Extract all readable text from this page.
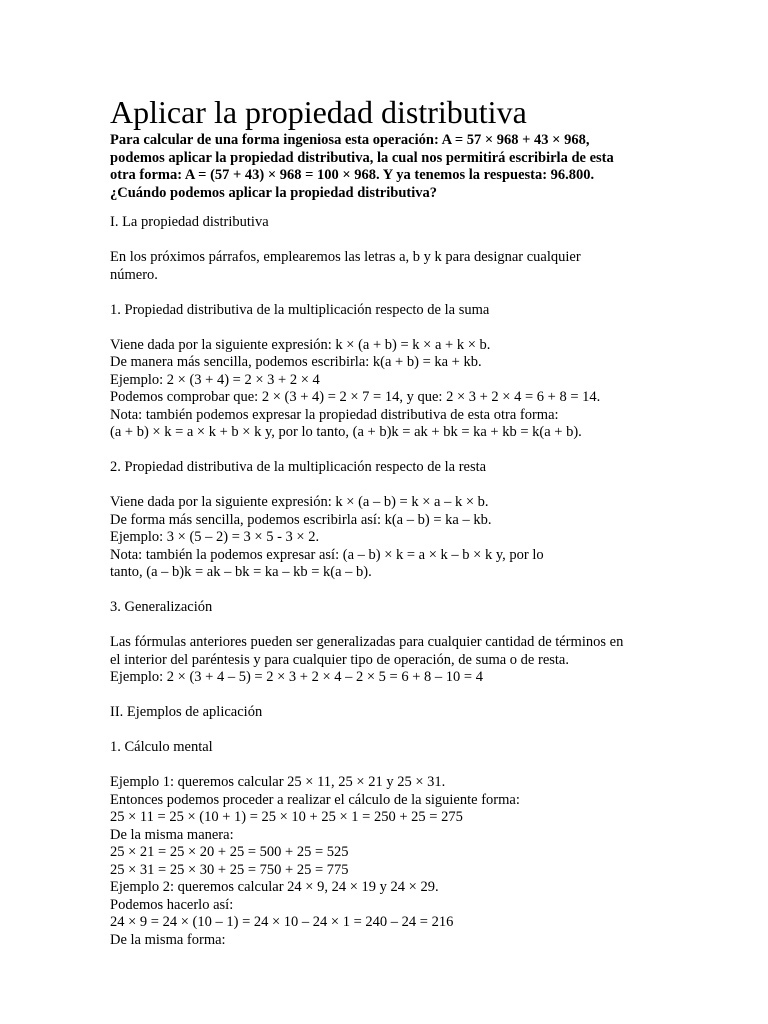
Aplicar la propiedad distributiva
Para calcular de una forma ingeniosa esta operación: A = 57 × 968 + 43 × 968,
podemos aplicar la propiedad distributiva, la cual nos permitirá escribirla de esta
otra forma: A = (57 + 43) × 968 = 100 × 968. Y ya tenemos la respuesta: 96.800.
¿Cuándo podemos aplicar la propiedad distributiva?
I. La propiedad distributiva
En los próximos párrafos, emplearemos las letras a, b y k para designar cualquier
número.
1. Propiedad distributiva de la multiplicación respecto de la suma
Viene dada por la siguiente expresión: k × (a + b) = k × a + k × b.
De manera más sencilla, podemos escribirla: k(a + b) = ka + kb.
Ejemplo: 2 × (3 + 4) = 2 × 3 + 2 × 4
Podemos comprobar que: 2 × (3 + 4) = 2 × 7 = 14, y que: 2 × 3 + 2 × 4 = 6 + 8 = 14.
Nota: también podemos expresar la propiedad distributiva de esta otra forma:
(a + b) × k = a × k + b × k y, por lo tanto, (a + b)k = ak + bk = ka + kb = k(a + b).
2. Propiedad distributiva de la multiplicación respecto de la resta
Viene dada por la siguiente expresión: k × (a – b) = k × a – k × b.
De forma más sencilla, podemos escribirla así: k(a – b) = ka – kb.
Ejemplo: 3 × (5 – 2) = 3 × 5 - 3 × 2.
Nota: también la podemos expresar así: (a – b) × k = a × k – b × k y, por lo
tanto, (a – b)k = ak – bk = ka – kb = k(a – b).
3. Generalización
Las fórmulas anteriores pueden ser generalizadas para cualquier cantidad de términos en
el interior del paréntesis y para cualquier tipo de operación, de suma o de resta.
Ejemplo: 2 × (3 + 4 – 5) = 2 × 3 + 2 × 4 – 2 × 5 = 6 + 8 – 10 = 4
II. Ejemplos de aplicación
1. Cálculo mental
Ejemplo 1: queremos calcular 25 × 11, 25 × 21 y 25 × 31.
Entonces podemos proceder a realizar el cálculo de la siguiente forma:
25 × 11 = 25 × (10 + 1) = 25 × 10 + 25 × 1 = 250 + 25 = 275
De la misma manera:
25 × 21 = 25 × 20 + 25 = 500 + 25 = 525
25 × 31 = 25 × 30 + 25 = 750 + 25 = 775
Ejemplo 2: queremos calcular 24 × 9, 24 × 19 y 24 × 29.
Podemos hacerlo así:
24 × 9 = 24 × (10 – 1) = 24 × 10 – 24 × 1 = 240 – 24 = 216
De la misma forma:
